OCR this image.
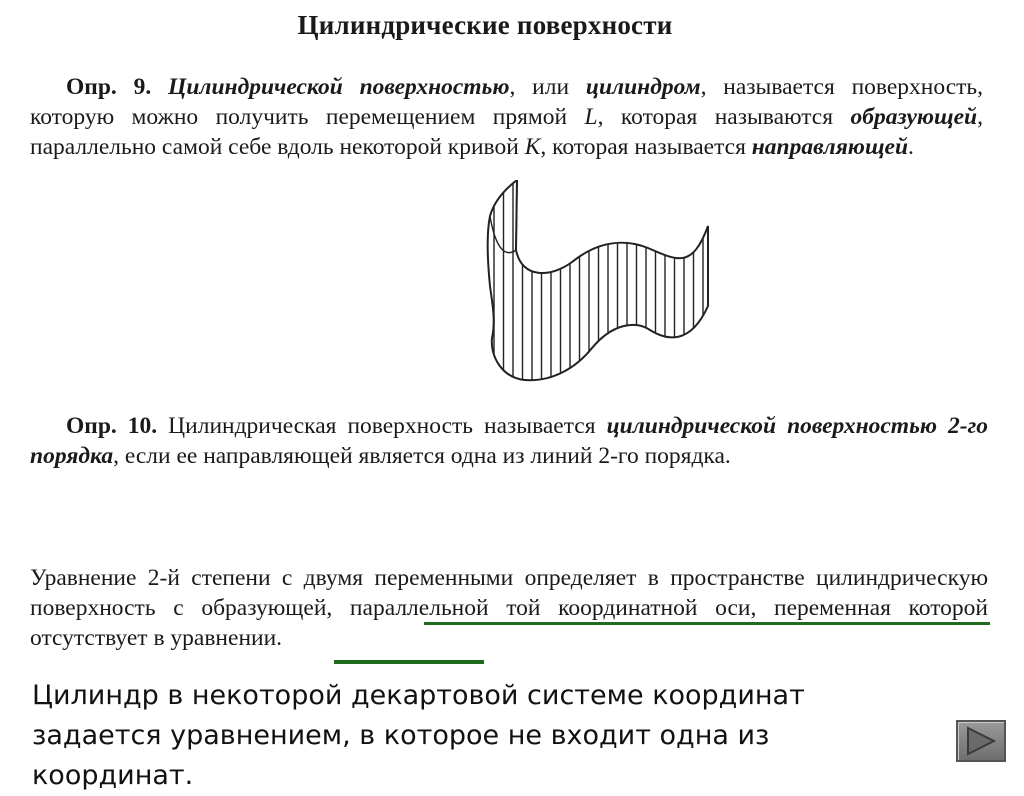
Цилиндрические поверхности

Опр. 9. Цилиндрической поверхностью, или цилиндром, называется поверхность, которую можно получить перемещением прямой L, которая называются образующей, параллельно самой себе вдоль некоторой кривой K, которая называется направляющей.

Опр. 10. Цилиндрическая поверхность называется цилиндрической поверхностью 2-го порядка, если ее направляющей является одна из линий 2-го порядка.

Уравнение 2-й степени с двумя переменными определяет в пространстве цилиндрическую поверхность с образующей, параллельной той координатной оси, переменная которой отсутствует в уравнении.

Цилиндр в некоторой декартовой системе координат задается уравнением, в которое не входит одна из координат.
